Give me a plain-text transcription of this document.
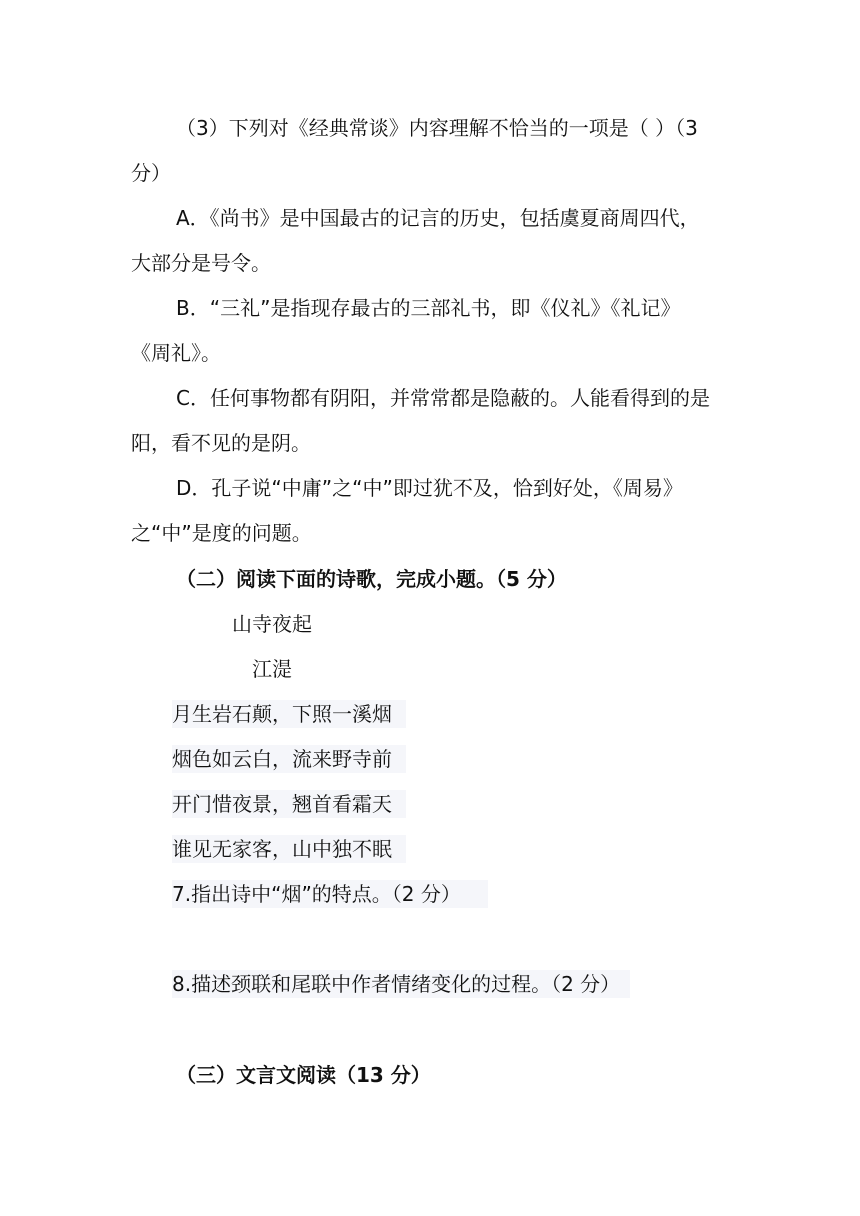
（3）下列对《经典常谈》内容理解不恰当的一项是（ ）（3
分）
A．《尚书》是中国最古的记言的历史，包括虞夏商周四代，
大部分是号令。
B．“三礼”是指现存最古的三部礼书，即《仪礼》《礼记》
《周礼》。
C．任何事物都有阴阳，并常常都是隐蔽的。人能看得到的是
阳，看不见的是阴。
D．孔子说“中庸”之“中”即过犹不及，恰到好处，《周易》
之“中”是度的问题。
（二）阅读下面的诗歌，完成小题。（5 分）
山寺夜起
江湜
月生岩石颠，下照一溪烟
烟色如云白，流来野寺前
开门惜夜景，翘首看霜天
谁见无家客，山中独不眠
7.指出诗中“烟”的特点。（2 分）
8.描述颈联和尾联中作者情绪变化的过程。（2 分）
（三）文言文阅读（13 分）
